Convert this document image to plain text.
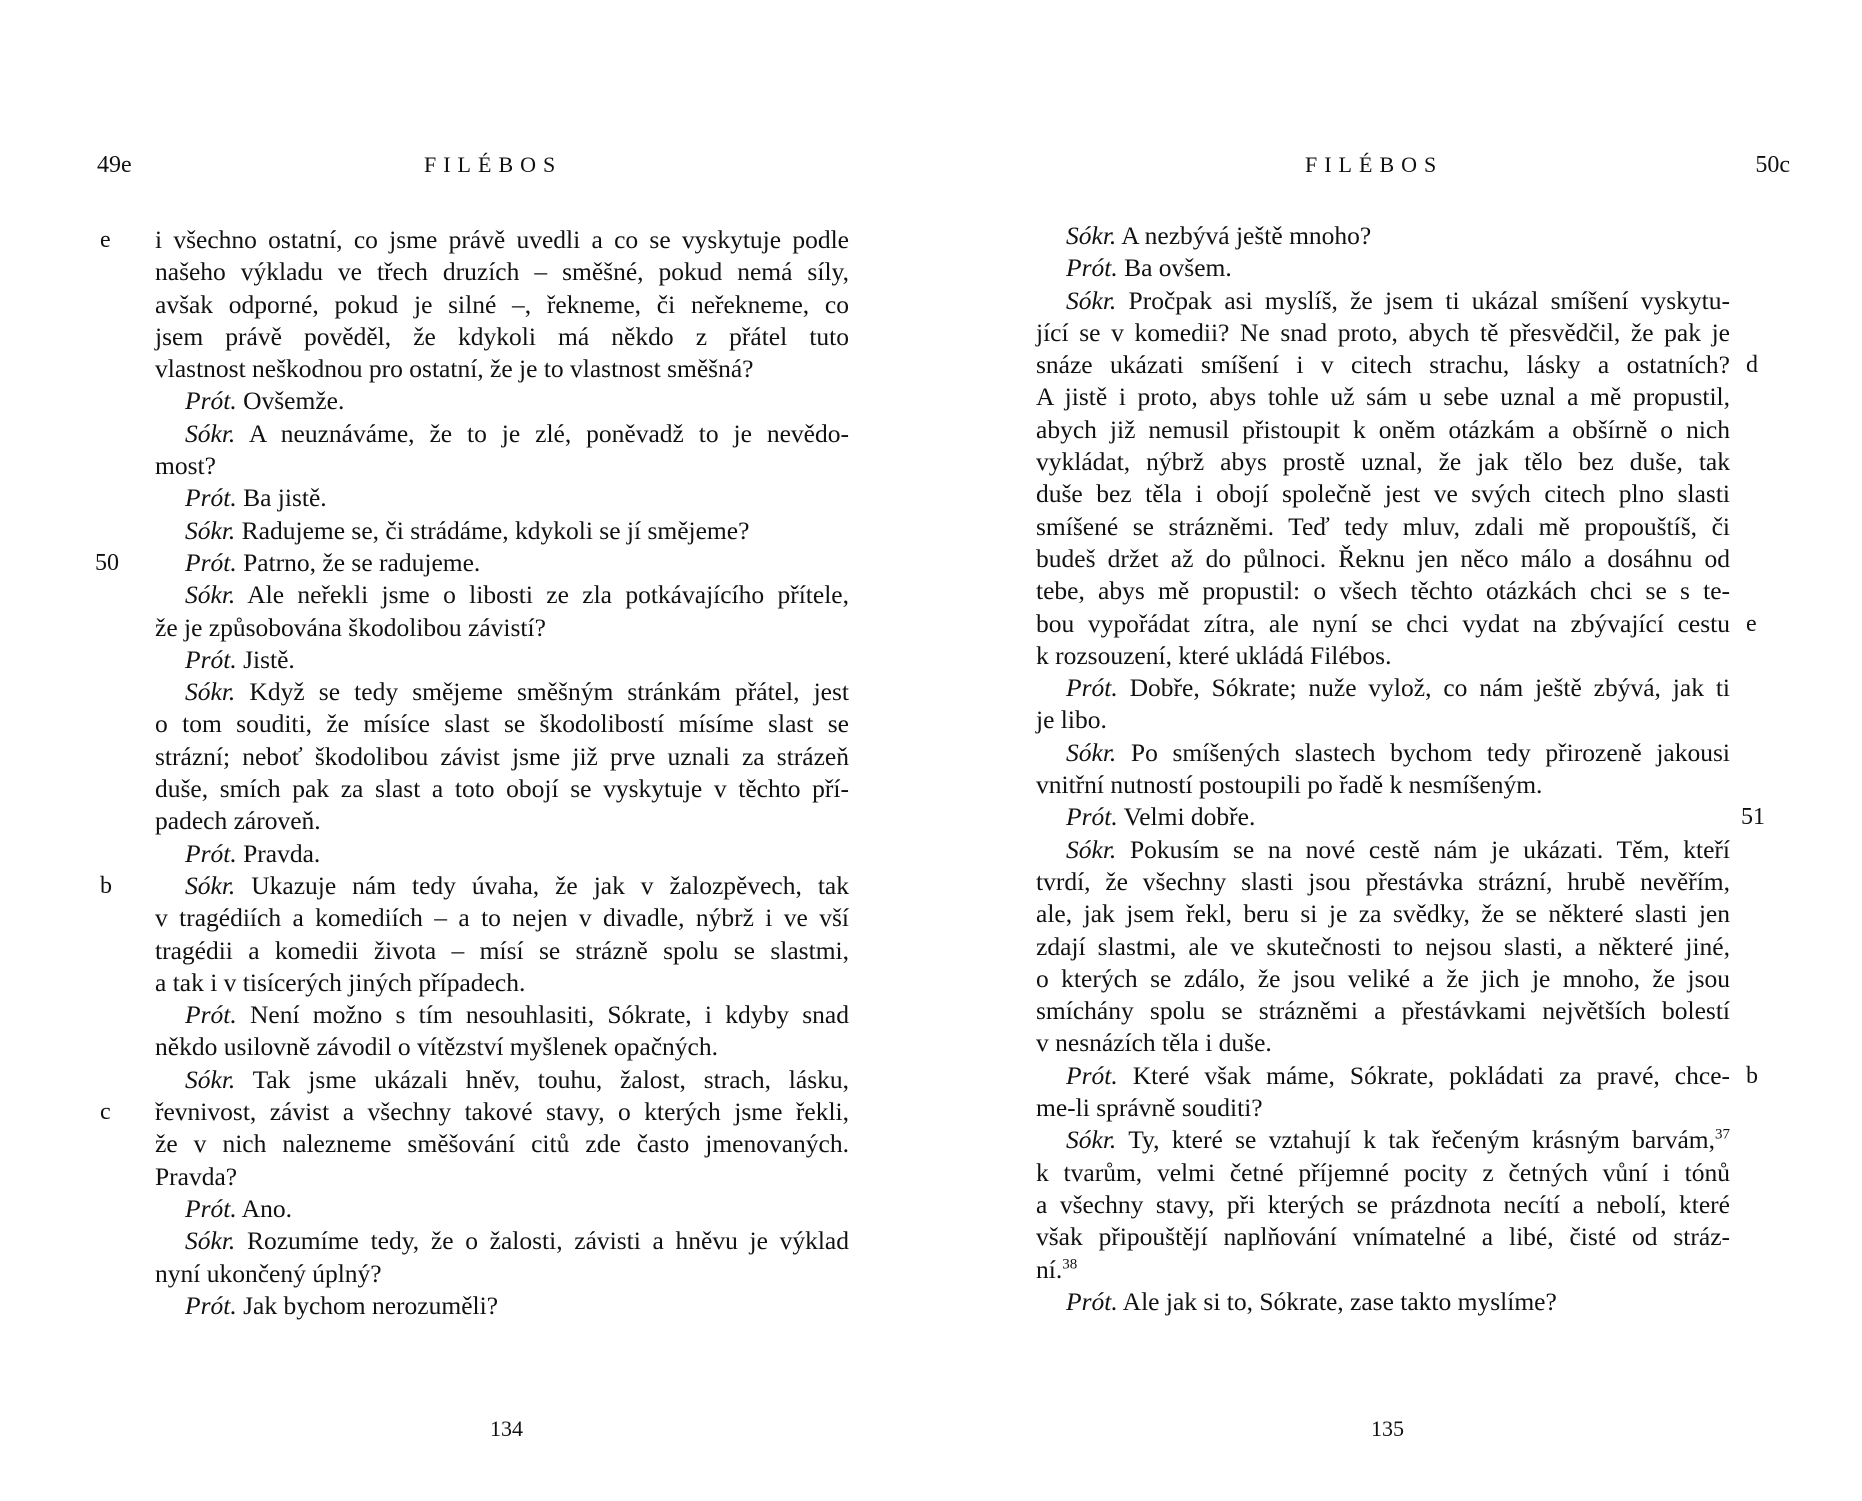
49e	FILÉBOS
e i všechno ostatní, co jsme právě uvedli a co se vyskytuje podle
našeho výkladu ve třech druzích – směšné, pokud nemá síly,
avšak odporné, pokud je silné –, řekneme, či neřekneme, co
jsem právě pověděl, že kdykoli má někdo z přátel tuto
vlastnost neškodnou pro ostatní, že je to vlastnost směšná?
Prót. Ovšemže.
Sókr. A neuznáváme, že to je zlé, poněvadž to je nevědo-
most?
Prót. Ba jistě.
Sókr. Radujeme se, či strádáme, kdykoli se jí smějeme?
50	Prót. Patrno, že se radujeme.
Sókr. Ale neřekli jsme o libosti ze zla potkávajícího přítele,
že je způsobována škodolibou závistí?
Prót. Jistě.
Sókr. Když se tedy smějeme směšným stránkám přátel, jest
o tom souditi, že mísíce slast se škodolibostí mísíme slast se
strázní; neboť škodolibou závist jsme již prve uznali za strázeň
duše, smích pak za slast a toto obojí se vyskytuje v těchto pří-
padech zároveň.
Prót. Pravda.
b	Sókr. Ukazuje nám tedy úvaha, že jak v žalozpěvech, tak
v tragédiích a komediích – a to nejen v divadle, nýbrž i ve vší
tragédii a komedii života – mísí se strázně spolu se slastmi,
a tak i v tisícerých jiných případech.
Prót. Není možno s tím nesouhlasiti, Sókrate, i kdyby snad
někdo usilovně závodil o vítězství myšlenek opačných.
Sókr. Tak jsme ukázali hněv, touhu, žalost, strach, lásku,
c řevnivost, závist a všechny takové stavy, o kterých jsme řekli,
že v nich nalezneme směšování citů zde často jmenovaných.
Pravda?
Prót. Ano.
Sókr. Rozumíme tedy, že o žalosti, závisti a hněvu je výklad
nyní ukončený úplný?
Prót. Jak bychom nerozuměli?
134
FILÉBOS	50c
Sókr. A nezbývá ještě mnoho?
Prót. Ba ovšem.
Sókr. Pročpak asi myslíš, že jsem ti ukázal smíšení vyskytu-
jící se v komedii? Ne snad proto, abych tě přesvědčil, že pak je
d
snáze ukázati smíšení i v citech strachu, lásky a ostatních?
A jistě i proto, abys tohle už sám u sebe uznal a mě propustil,
abych již nemusil přistoupit k oněm otázkám a obšírně o nich
vykládat, nýbrž abys prostě uznal, že jak tělo bez duše, tak
duše bez těla i obojí společně jest ve svých citech plno slasti
smíšené se strázněmi. Teď tedy mluv, zdali mě propouštíš, či
budeš držet až do půlnoci. Řeknu jen něco málo a dosáhnu od
tebe, abys mě propustil: o všech těchto otázkách chci se s te-
e
bou vypořádat zítra, ale nyní se chci vydat na zbývající cestu
k rozsouzení, které ukládá Filébos.
Prót. Dobře, Sókrate; nuže vylož, co nám ještě zbývá, jak ti
je libo.
Sókr. Po smíšených slastech bychom tedy přirozeně jakousi
vnitřní nutností postoupili po řadě k nesmíšeným.
51
Prót. Velmi dobře.
Sókr. Pokusím se na nové cestě nám je ukázati. Těm, kteří
tvrdí, že všechny slasti jsou přestávka strázní, hrubě nevěřím,
ale, jak jsem řekl, beru si je za svědky, že se některé slasti jen
zdají slastmi, ale ve skutečnosti to nejsou slasti, a některé jiné,
o kterých se zdálo, že jsou veliké a že jich je mnoho, že jsou
smíchány spolu se strázněmi a přestávkami největších bolestí
v nesnázích těla i duše.
b
Prót. Které však máme, Sókrate, pokládati za pravé, chce-
me-li správně souditi?
Sókr. Ty, které se vztahují k tak řečeným krásným barvám,$^{37}$
k tvarům, velmi četné příjemné pocity z četných vůní i tónů
a všechny stavy, při kterých se prázdnota necítí a nebolí, které
však připouštějí naplňování vnímatelné a libé, čisté od stráz-
ní.$^{38}$
Prót. Ale jak si to, Sókrate, zase takto myslíme?
135
